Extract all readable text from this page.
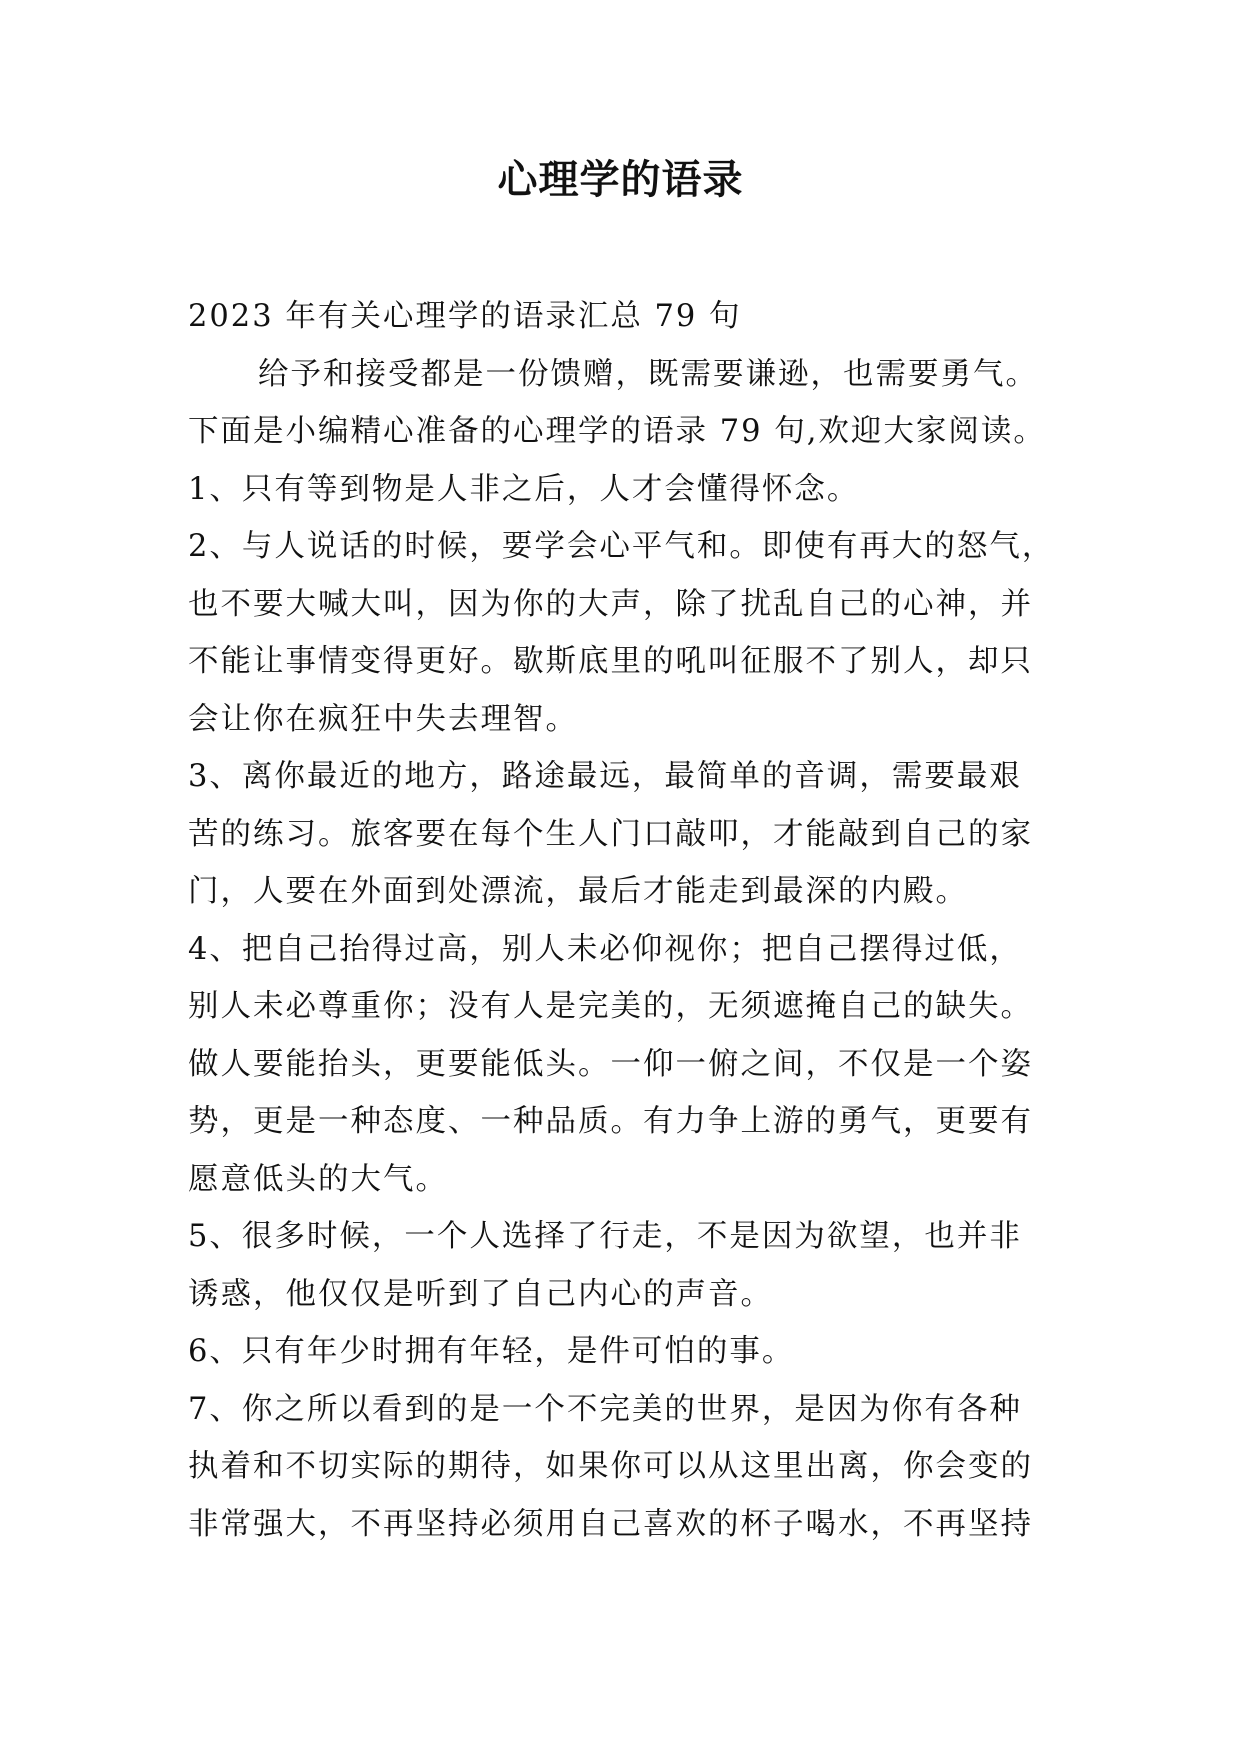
心理学的语录
2023 年有关心理学的语录汇总 79 句
给予和接受都是一份馈赠，既需要谦逊，也需要勇气。
下面是小编精心准备的心理学的语录 79 句,欢迎大家阅读。
1、只有等到物是人非之后，人才会懂得怀念。
2、与人说话的时候，要学会心平气和。即使有再大的怒气，
也不要大喊大叫，因为你的大声，除了扰乱自己的心神，并
不能让事情变得更好。歇斯底里的吼叫征服不了别人，却只
会让你在疯狂中失去理智。
3、离你最近的地方，路途最远，最简单的音调，需要最艰
苦的练习。旅客要在每个生人门口敲叩，才能敲到自己的家
门，人要在外面到处漂流，最后才能走到最深的内殿。
4、把自己抬得过高，别人未必仰视你；把自己摆得过低，
别人未必尊重你；没有人是完美的，无须遮掩自己的缺失。
做人要能抬头，更要能低头。一仰一俯之间，不仅是一个姿
势，更是一种态度、一种品质。有力争上游的勇气，更要有
愿意低头的大气。
5、很多时候，一个人选择了行走，不是因为欲望，也并非
诱惑，他仅仅是听到了自己内心的声音。
6、只有年少时拥有年轻，是件可怕的事。
7、你之所以看到的是一个不完美的世界，是因为你有各种
执着和不切实际的期待，如果你可以从这里出离，你会变的
非常强大，不再坚持必须用自己喜欢的杯子喝水，不再坚持
